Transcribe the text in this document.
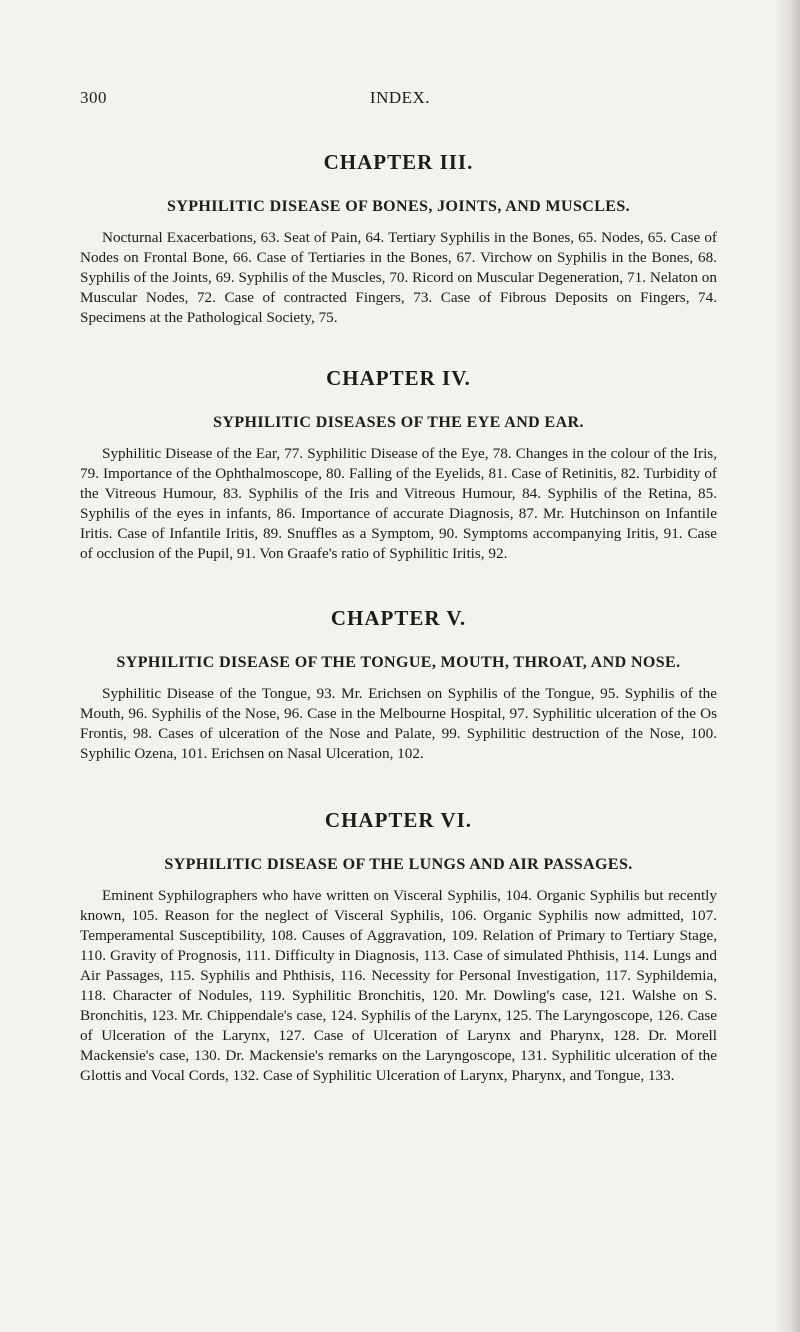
300	INDEX.
CHAPTER III.
SYPHILITIC DISEASE OF BONES, JOINTS, AND MUSCLES.

Nocturnal Exacerbations, 63. Seat of Pain, 64. Tertiary Syphilis in the Bones, 65. Nodes, 65. Case of Nodes on Frontal Bone, 66. Case of Tertiaries in the Bones, 67. Virchow on Syphilis in the Bones, 68. Syphilis of the Joints, 69. Syphilis of the Muscles, 70. Ricord on Muscular Degeneration, 71. Nelaton on Muscular Nodes, 72. Case of contracted Fingers, 73. Case of Fibrous Deposits on Fingers, 74. Specimens at the Pathological Society, 75.

CHAPTER IV.
SYPHILITIC DISEASES OF THE EYE AND EAR.

Syphilitic Disease of the Ear, 77. Syphilitic Disease of the Eye, 78. Changes in the colour of the Iris, 79. Importance of the Ophthalmoscope, 80. Falling of the Eyelids, 81. Case of Retinitis, 82. Turbidity of the Vitreous Humour, 83. Syphilis of the Iris and Vitreous Humour, 84. Syphilis of the Retina, 85. Syphilis of the eyes in infants, 86. Importance of accurate Diagnosis, 87. Mr. Hutchinson on Infantile Iritis. Case of Infantile Iritis, 89. Snuffles as a Symptom, 90. Symptoms accompanying Iritis, 91. Case of occlusion of the Pupil, 91. Von Graafe's ratio of Syphilitic Iritis, 92.

CHAPTER V.
SYPHILITIC DISEASE OF THE TONGUE, MOUTH, THROAT, AND NOSE.

Syphilitic Disease of the Tongue, 93. Mr. Erichsen on Syphilis of the Tongue, 95. Syphilis of the Mouth, 96. Syphilis of the Nose, 96. Case in the Melbourne Hospital, 97. Syphilitic ulceration of the Os Frontis, 98. Cases of ulceration of the Nose and Palate, 99. Syphilitic destruction of the Nose, 100. Syphilic Ozena, 101. Erichsen on Nasal Ulceration, 102.

CHAPTER VI.
SYPHILITIC DISEASE OF THE LUNGS AND AIR PASSAGES.

Eminent Syphilographers who have written on Visceral Syphilis, 104. Organic Syphilis but recently known, 105. Reason for the neglect of Visceral Syphilis, 106. Organic Syphilis now admitted, 107. Temperamental Susceptibility, 108. Causes of Aggravation, 109. Relation of Primary to Tertiary Stage, 110. Gravity of Prognosis, 111. Difficulty in Diagnosis, 113. Case of simulated Phthisis, 114. Lungs and Air Passages, 115. Syphilis and Phthisis, 116. Necessity for Personal Investigation, 117. Syphildemia, 118. Character of Nodules, 119. Syphilitic Bronchitis, 120. Mr. Dowling's case, 121. Walshe on S. Bronchitis, 123. Mr. Chippendale's case, 124. Syphilis of the Larynx, 125. The Laryngoscope, 126. Case of Ulceration of the Larynx, 127. Case of Ulceration of Larynx and Pharynx, 128. Dr. Morell Mackensie's case, 130. Dr. Mackensie's remarks on the Laryngoscope, 131. Syphilitic ulceration of the Glottis and Vocal Cords, 132. Case of Syphilitic Ulceration of Larynx, Pharynx, and Tongue, 133.
